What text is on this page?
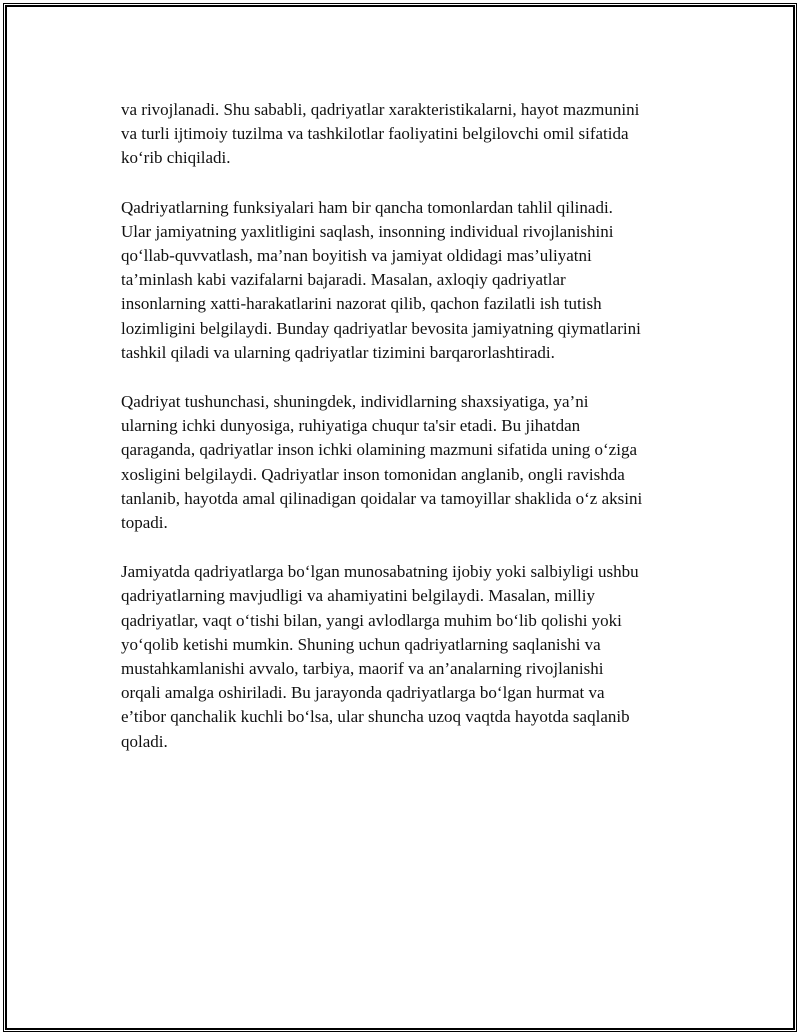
va rivojlanadi. Shu sababli, qadriyatlar xarakteristikalarni, hayot mazmunini
va turli ijtimoiy tuzilma va tashkilotlar faoliyatini belgilovchi omil sifatida
ko‘rib chiqiladi.

Qadriyatlarning funksiyalari ham bir qancha tomonlardan tahlil qilinadi.
Ular jamiyatning yaxlitligini saqlash, insonning individual rivojlanishini
qo‘llab-quvvatlash, ma’nan boyitish va jamiyat oldidagi mas’uliyatni
ta’minlash kabi vazifalarni bajaradi. Masalan, axloqiy qadriyatlar
insonlarning xatti-harakatlarini nazorat qilib, qachon fazilatli ish tutish
lozimligini belgilaydi. Bunday qadriyatlar bevosita jamiyatning qiymatlarini
tashkil qiladi va ularning qadriyatlar tizimini barqarorlashtiradi.

Qadriyat tushunchasi, shuningdek, individlarning shaxsiyatiga, ya’ni
ularning ichki dunyosiga, ruhiyatiga chuqur ta'sir etadi. Bu jihatdan
qaraganda, qadriyatlar inson ichki olamining mazmuni sifatida uning o‘ziga
xosligini belgilaydi. Qadriyatlar inson tomonidan anglanib, ongli ravishda
tanlanib, hayotda amal qilinadigan qoidalar va tamoyillar shaklida o‘z aksini
topadi.

Jamiyatda qadriyatlarga bo‘lgan munosabatning ijobiy yoki salbiyligi ushbu
qadriyatlarning mavjudligi va ahamiyatini belgilaydi. Masalan, milliy
qadriyatlar, vaqt o‘tishi bilan, yangi avlodlarga muhim bo‘lib qolishi yoki
yo‘qolib ketishi mumkin. Shuning uchun qadriyatlarning saqlanishi va
mustahkamlanishi avvalo, tarbiya, maorif va an’analarning rivojlanishi
orqali amalga oshiriladi. Bu jarayonda qadriyatlarga bo‘lgan hurmat va
e’tibor qanchalik kuchli bo‘lsa, ular shuncha uzoq vaqtda hayotda saqlanib
qoladi.
